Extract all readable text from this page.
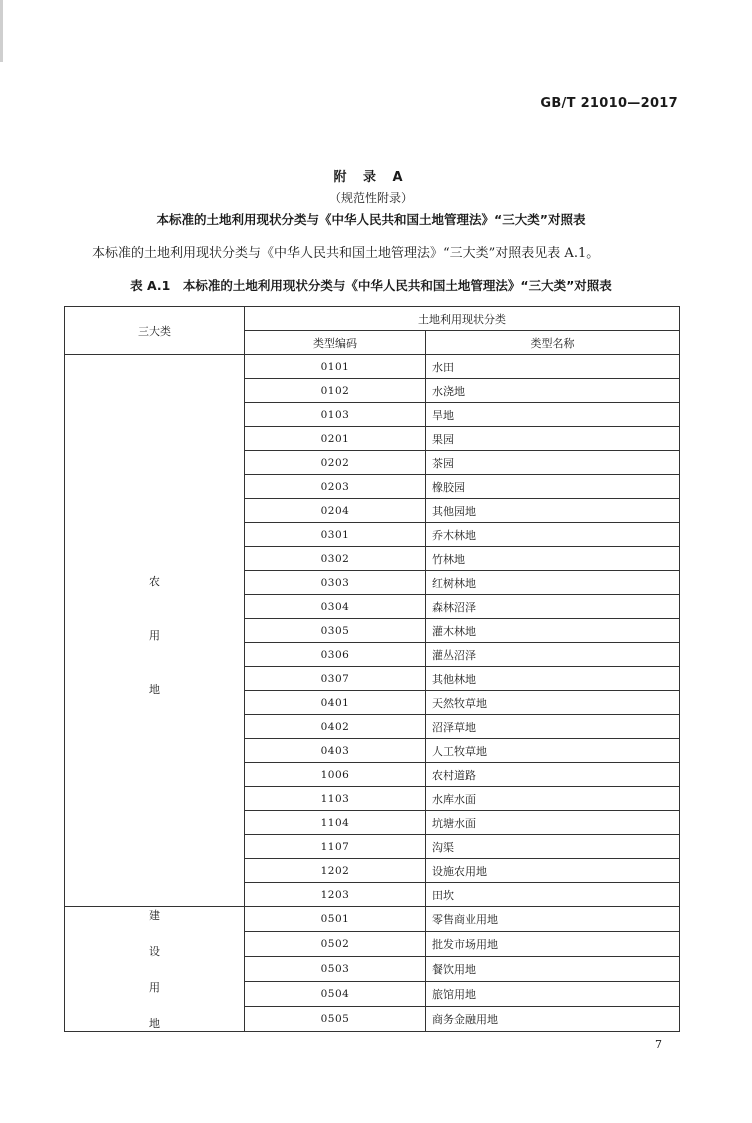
GB/T 21010—2017
附 录 A
（规范性附录）
本标准的土地利用现状分类与《中华人民共和国土地管理法》“三大类”对照表
本标准的土地利用现状分类与《中华人民共和国土地管理法》“三大类”对照表见表 A.1。
表 A.1　本标准的土地利用现状分类与《中华人民共和国土地管理法》“三大类”对照表
三大类	土地利用现状分类	
	类型编码	类型名称

农
用
地	0101	水田
	0102	水浇地
	0103	旱地
	0201	果园
	0202	茶园
	0203	橡胶园
	0204	其他园地
	0301	乔木林地
	0302	竹林地
	0303	红树林地
	0304	森林沼泽
	0305	灌木林地
	0306	灌丛沼泽
	0307	其他林地
	0401	天然牧草地
	0402	沼泽草地
	0403	人工牧草地
	1006	农村道路
	1103	水库水面
	1104	坑塘水面
	1107	沟渠
	1202	设施农用地
	1203	田坎

建
设
用
地	0501	零售商业用地
	0502	批发市场用地
	0503	餐饮用地
	0504	旅馆用地
	0505	商务金融用地
7
